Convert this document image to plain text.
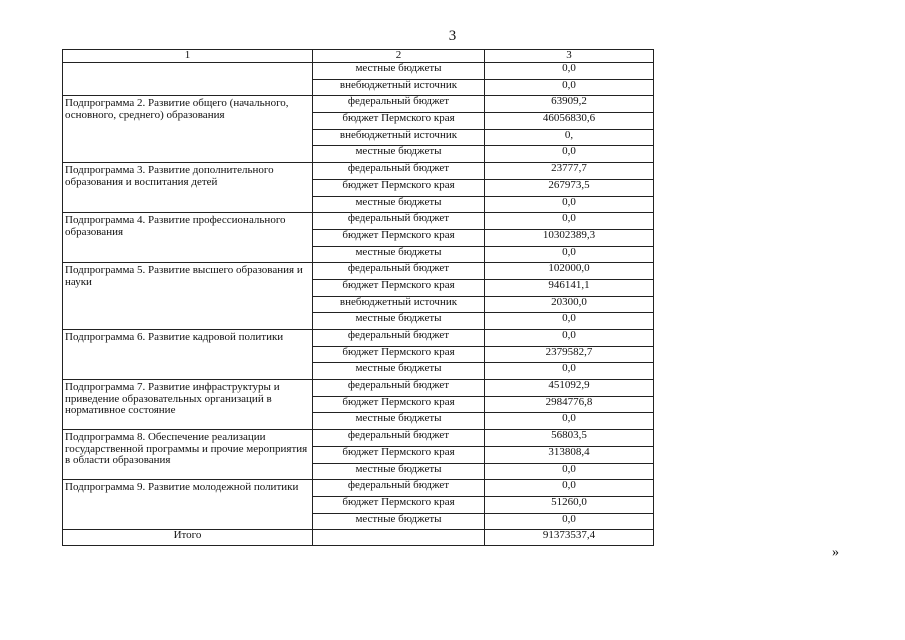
3
1	2	3
	местные бюджеты	0,0
	внебюджетный источник	0,0
Подпрограмма 2. Развитие общего (начального, основного, среднего) образования	федеральный бюджет	63909,2
	бюджет Пермского края	46056830,6
	внебюджетный источник	0,
	местные бюджеты	0,0
Подпрограмма 3. Развитие дополнительного образования и воспитания детей	федеральный бюджет	23777,7
	бюджет Пермского края	267973,5
	местные бюджеты	0,0
Подпрограмма 4. Развитие профессионального образования	федеральный бюджет	0,0
	бюджет Пермского края	10302389,3
	местные бюджеты	0,0
Подпрограмма 5. Развитие высшего образования и науки	федеральный бюджет	102000,0
	бюджет Пермского края	946141,1
	внебюджетный источник	20300,0
	местные бюджеты	0,0
Подпрограмма 6. Развитие кадровой политики	федеральный бюджет	0,0
	бюджет Пермского края	2379582,7
	местные бюджеты	0,0
Подпрограмма 7. Развитие инфраструктуры и приведение образовательных организаций в нормативное состояние	федеральный бюджет	451092,9
	бюджет Пермского края	2984776,8
	местные бюджеты	0,0
Подпрограмма 8. Обеспечение реализации государственной программы и прочие мероприятия в области образования	федеральный бюджет	56803,5
	бюджет Пермского края	313808,4
	местные бюджеты	0,0
Подпрограмма 9. Развитие молодежной политики	федеральный бюджет	0,0
	бюджет Пермского края	51260,0
	местные бюджеты	0,0
Итого		91373537,4
»
